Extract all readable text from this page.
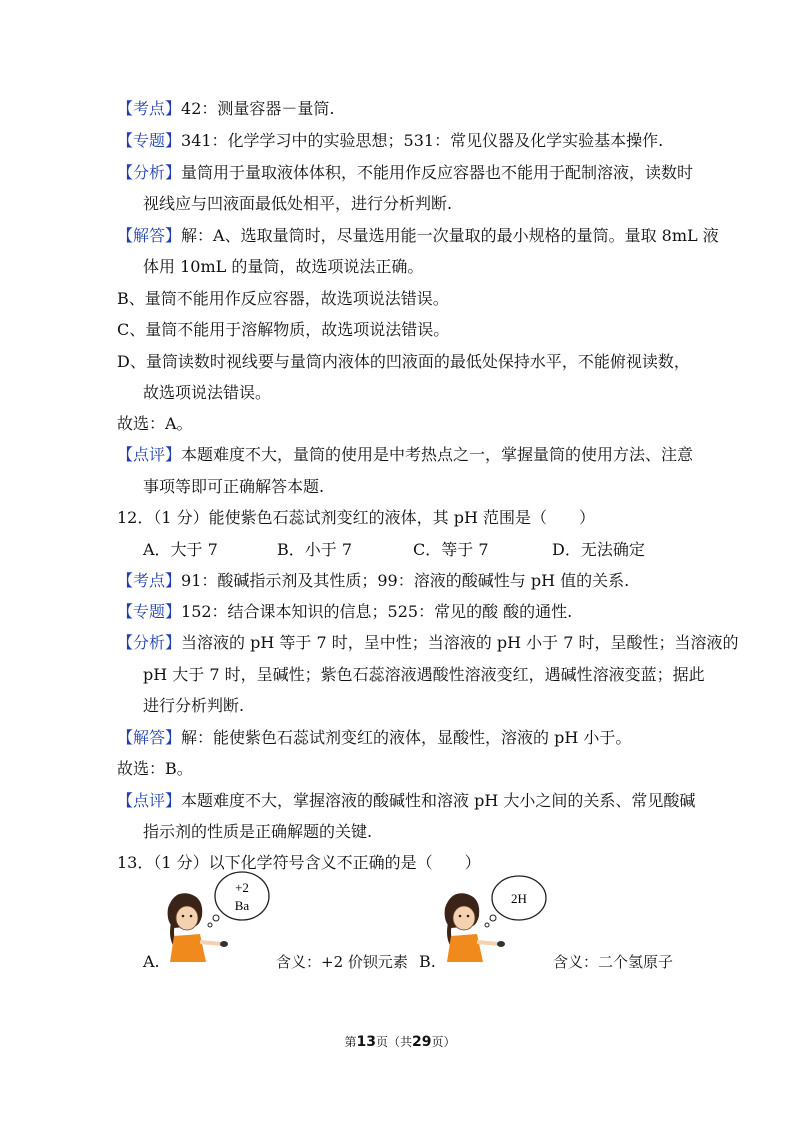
【考点】42：测量容器－量筒.
【专题】341：化学学习中的实验思想；531：常见仪器及化学实验基本操作.
【分析】量筒用于量取液体体积，不能用作反应容器也不能用于配制溶液，读数时
视线应与凹液面最低处相平，进行分析判断.
【解答】解：A、选取量筒时，尽量选用能一次量取的最小规格的量筒。量取 8mL 液
体用 10mL 的量筒，故选项说法正确。
B、量筒不能用作反应容器，故选项说法错误。
C、量筒不能用于溶解物质，故选项说法错误。
D、量筒读数时视线要与量筒内液体的凹液面的最低处保持水平，不能俯视读数，
故选项说法错误。
故选：A。
【点评】本题难度不大，量筒的使用是中考热点之一，掌握量筒的使用方法、注意
事项等即可正确解答本题.
12．（1 分）能使紫色石蕊试剂变红的液体，其 pH 范围是（　　）
A．大于 7	B．小于 7	C．等于 7	D．无法确定
【考点】91：酸碱指示剂及其性质；99：溶液的酸碱性与 pH 值的关系.
【专题】152：结合课本知识的信息；525：常见的酸 酸的通性.
【分析】当溶液的 pH 等于 7 时，呈中性；当溶液的 pH 小于 7 时，呈酸性；当溶液的
pH 大于 7 时，呈碱性；紫色石蕊溶液遇酸性溶液变红，遇碱性溶液变蓝；据此
进行分析判断.
【解答】解：能使紫色石蕊试剂变红的液体，显酸性，溶液的 pH 小于。
故选：B。
【点评】本题难度不大，掌握溶液的酸碱性和溶液 pH 大小之间的关系、常见酸碱
指示剂的性质是正确解题的关键.
13．（1 分）以下化学符号含义不正确的是（　　）
A.
+2
Ba
含义：+2 价钡元素 B.
2H
含义：二个氢原子
第13页（共29页）
